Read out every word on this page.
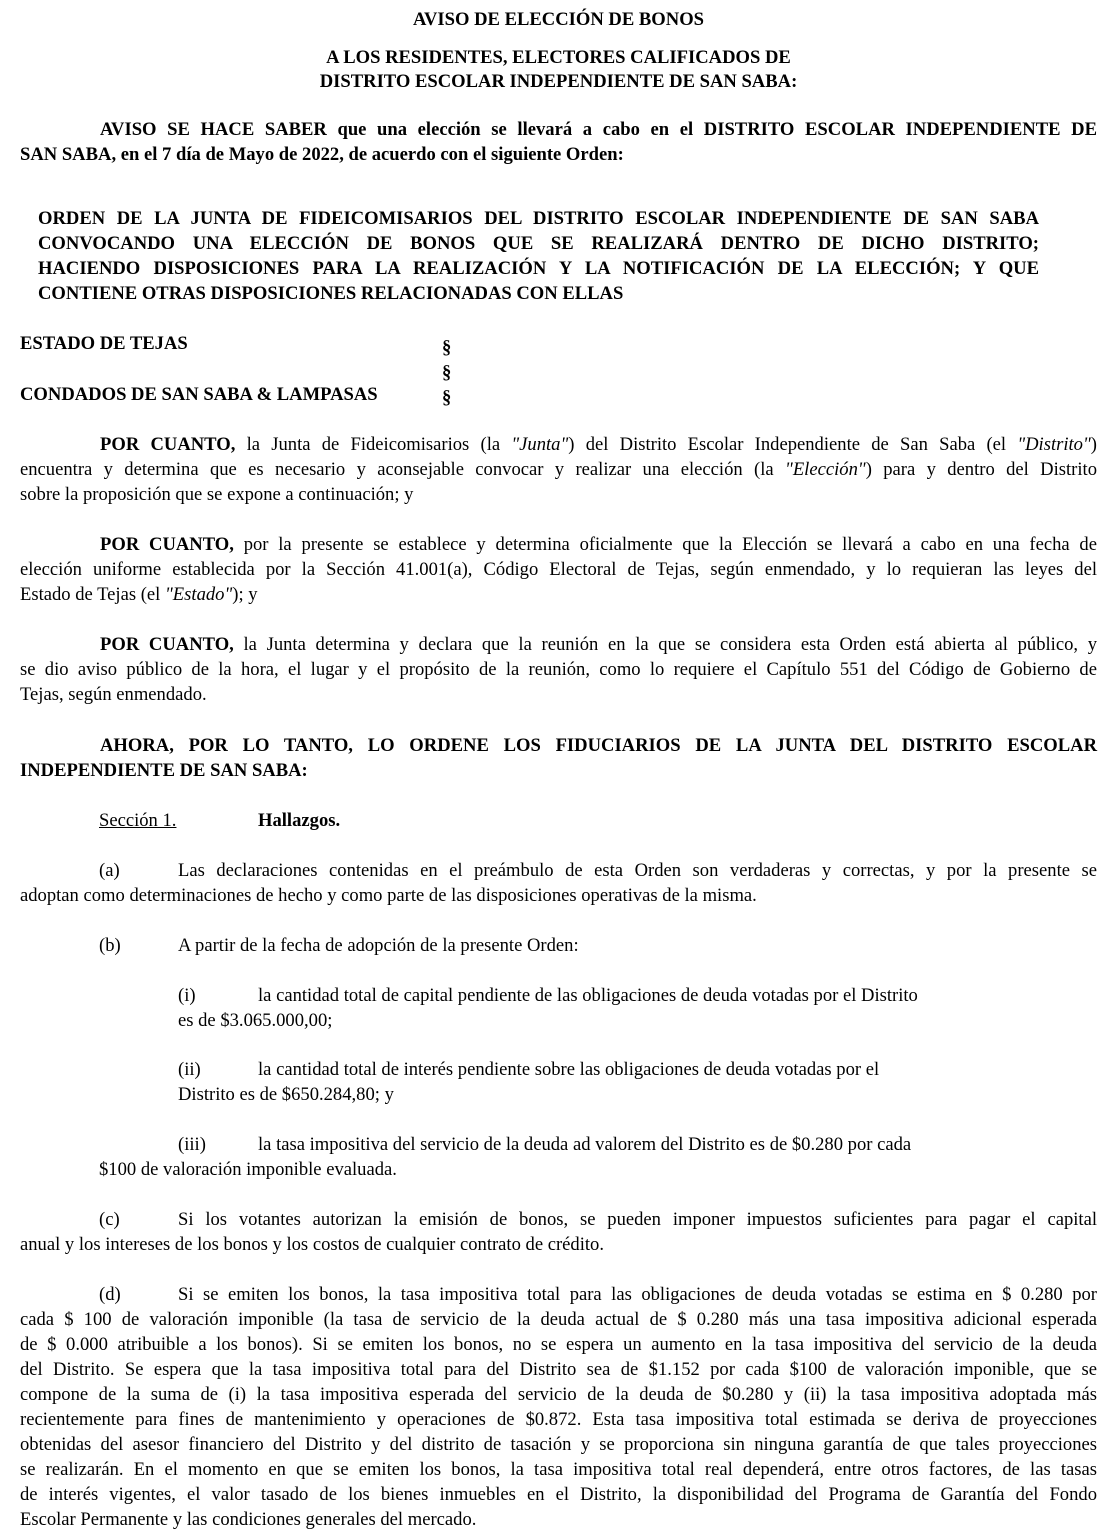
AVISO DE ELECCIÓN DE BONOS
A LOS RESIDENTES, ELECTORES CALIFICADOS DE
DISTRITO ESCOLAR INDEPENDIENTE DE SAN SABA:
AVISO SE HACE SABER que una elección se llevará a cabo en el DISTRITO ESCOLAR INDEPENDIENTE DE
SAN SABA, en el 7 día de Mayo de 2022, de acuerdo con el siguiente Orden:
ORDEN DE LA JUNTA DE FIDEICOMISARIOS DEL DISTRITO ESCOLAR INDEPENDIENTE DE SAN SABA
CONVOCANDO UNA ELECCIÓN DE BONOS QUE SE REALIZARÁ DENTRO DE DICHO DISTRITO;
HACIENDO DISPOSICIONES PARA LA REALIZACIÓN Y LA NOTIFICACIÓN DE LA ELECCIÓN; Y QUE
CONTIENE OTRAS DISPOSICIONES RELACIONADAS CON ELLAS
ESTADO DE TEJAS
CONDADOS DE SAN SABA & LAMPASAS
§
§
§
POR CUANTO, la Junta de Fideicomisarios (la "Junta") del Distrito Escolar Independiente de San Saba (el "Distrito")
encuentra y determina que es necesario y aconsejable convocar y realizar una elección (la "Elección") para y dentro del Distrito
sobre la proposición que se expone a continuación; y
POR CUANTO, por la presente se establece y determina oficialmente que la Elección se llevará a cabo en una fecha de
elección uniforme establecida por la Sección 41.001(a), Código Electoral de Tejas, según enmendado, y lo requieran las leyes del
Estado de Tejas (el "Estado"); y
POR CUANTO, la Junta determina y declara que la reunión en la que se considera esta Orden está abierta al público, y
se dio aviso público de la hora, el lugar y el propósito de la reunión, como lo requiere el Capítulo 551 del Código de Gobierno de
Tejas, según enmendado.
AHORA, POR LO TANTO, LO ORDENE LOS FIDUCIARIOS DE LA JUNTA DEL DISTRITO ESCOLAR
INDEPENDIENTE DE SAN SABA:
Sección 1.	Hallazgos.
(a)	Las declaraciones contenidas en el preámbulo de esta Orden son verdaderas y correctas, y por la presente se
adoptan como determinaciones de hecho y como parte de las disposiciones operativas de la misma.
(b)	A partir de la fecha de adopción de la presente Orden:
(i)	la cantidad total de capital pendiente de las obligaciones de deuda votadas por el Distrito
es de $3.065.000,00;
(ii)	la cantidad total de interés pendiente sobre las obligaciones de deuda votadas por el
Distrito es de $650.284,80; y
(iii)	la tasa impositiva del servicio de la deuda ad valorem del Distrito es de $0.280 por cada
$100 de valoración imponible evaluada.
(c)	Si los votantes autorizan la emisión de bonos, se pueden imponer impuestos suficientes para pagar el capital
anual y los intereses de los bonos y los costos de cualquier contrato de crédito.
(d)	Si se emiten los bonos, la tasa impositiva total para las obligaciones de deuda votadas se estima en $ 0.280 por
cada $ 100 de valoración imponible (la tasa de servicio de la deuda actual de $ 0.280 más una tasa impositiva adicional esperada
de $ 0.000 atribuible a los bonos). Si se emiten los bonos, no se espera un aumento en la tasa impositiva del servicio de la deuda
del Distrito. Se espera que la tasa impositiva total para del Distrito sea de $1.152 por cada $100 de valoración imponible, que se
compone de la suma de (i) la tasa impositiva esperada del servicio de la deuda de $0.280 y (ii) la tasa impositiva adoptada más
recientemente para fines de mantenimiento y operaciones de $0.872. Esta tasa impositiva total estimada se deriva de proyecciones
obtenidas del asesor financiero del Distrito y del distrito de tasación y se proporciona sin ninguna garantía de que tales proyecciones
se realizarán. En el momento en que se emiten los bonos, la tasa impositiva total real dependerá, entre otros factores, de las tasas
de interés vigentes, el valor tasado de los bienes inmuebles en el Distrito, la disponibilidad del Programa de Garantía del Fondo
Escolar Permanente y las condiciones generales del mercado.
